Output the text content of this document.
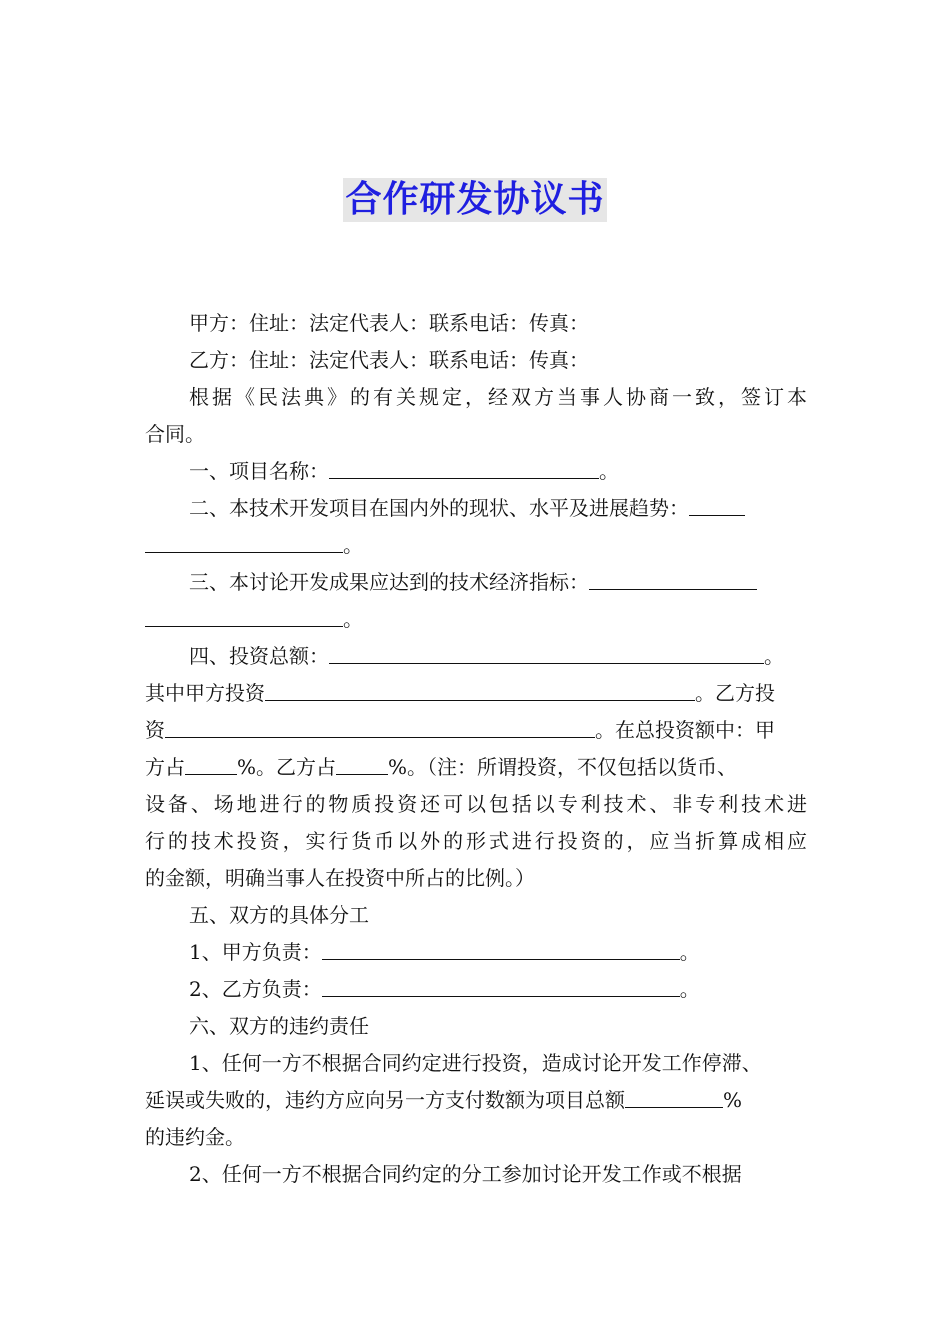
合作研发协议书
甲方：住址：法定代表人：联系电话：传真：
乙方：住址：法定代表人：联系电话：传真：
根据《民法典》的有关规定，经双方当事人协商一致，签订本
合同。
一、项目名称：	。
二、本技术开发项目在国内外的现状、水平及进展趋势：
。
三、本讨论开发成果应达到的技术经济指标：
。
四、投资总额：	。
其中甲方投资	。乙方投
资	。在总投资额中：甲
方占	%。乙方占	%。（注：所谓投资，不仅包括以货币、
设备、场地进行的物质投资还可以包括以专利技术、非专利技术进
行的技术投资，实行货币以外的形式进行投资的，应当折算成相应
的金额，明确当事人在投资中所占的比例。）
五、双方的具体分工
1、甲方负责：	。
2、乙方负责：	。
六、双方的违约责任
1、任何一方不根据合同约定进行投资，造成讨论开发工作停滞、
延误或失败的，违约方应向另一方支付数额为项目总额	%
的违约金。
2、任何一方不根据合同约定的分工参加讨论开发工作或不根据
